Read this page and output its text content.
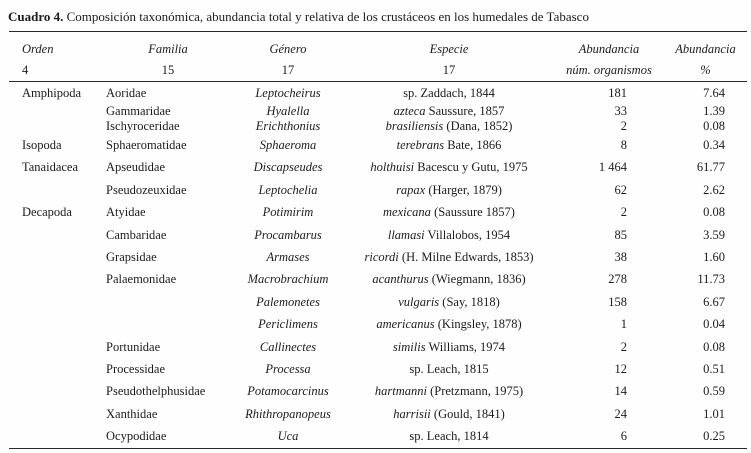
Cuadro 4. Composición taxonómica, abundancia total y relativa de los crustáceos en los humedales de Tabasco

Orden	Familia	Género	Especie	Abundancia	Abundancia
4	15	17	17	núm. organismos	%
Amphipoda	Aoridae	Leptocheirus	sp. Zaddach, 1844	181	7.64
	Gammaridae	Hyalella	azteca Saussure, 1857	33	1.39
	Ischyroceridae	Erichthonius	brasiliensis (Dana, 1852)	2	0.08
Isopoda	Sphaeromatidae	Sphaeroma	terebrans Bate, 1866	8	0.34
Tanaidacea	Apseudidae	Discapseudes	holthuisi Bacescu y Gutu, 1975	1 464	61.77
	Pseudozeuxidae	Leptochelia	rapax (Harger, 1879)	62	2.62
Decapoda	Atyidae	Potimirim	mexicana (Saussure 1857)	2	0.08
	Cambaridae	Procambarus	llamasi Villalobos, 1954	85	3.59
	Grapsidae	Armases	ricordi (H. Milne Edwards, 1853)	38	1.60
	Palaemonidae	Macrobrachium	acanthurus (Wiegmann, 1836)	278	11.73
		Palemonetes	vulgaris (Say, 1818)	158	6.67
		Periclimens	americanus (Kingsley, 1878)	1	0.04
	Portunidae	Callinectes	similis Williams, 1974	2	0.08
	Processidae	Processa	sp. Leach, 1815	12	0.51
	Pseudothelphusidae	Potamocarcinus	hartmanni (Pretzmann, 1975)	14	0.59
	Xanthidae	Rhithropanopeus	harrisii (Gould, 1841)	24	1.01
	Ocypodidae	Uca	sp. Leach, 1814	6	0.25
